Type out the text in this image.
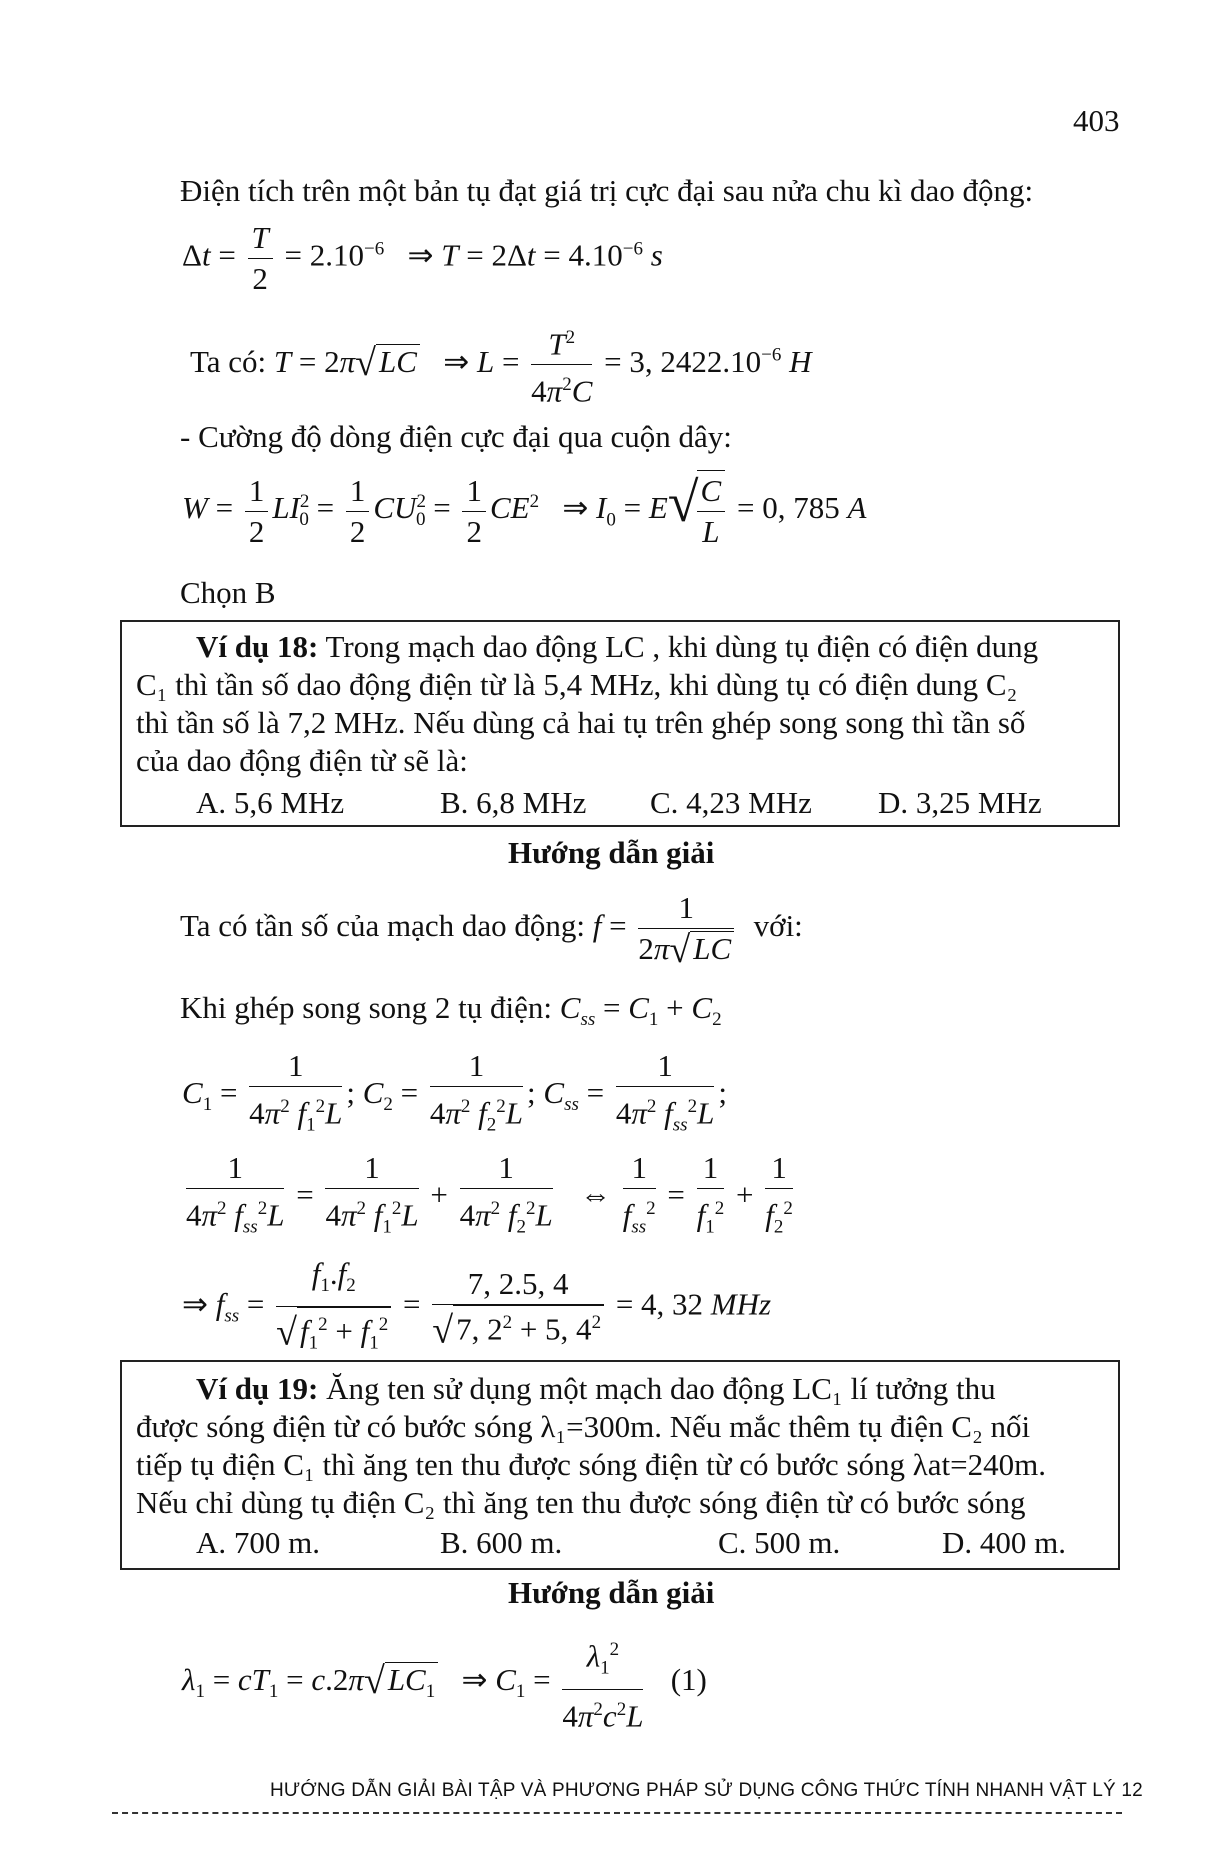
403
Điện tích trên một bản tụ đạt giá trị cực đại sau nửa chu kì dao động:
$\Delta t = \frac{T}{2} = 2.10^{-6}$   ⇒ $T = 2\Delta t = 4.10^{-6}$ s
Ta có: T = 2π√LC   ⇒ $L = \frac{T^2}{4\pi^2C} = 3$, $2422.10^{-6}$ H
- Cường độ dòng điện cực đại qua cuộn dây:
$W = \frac{1}{2} LI^2_0 = \frac{1}{2} CU^2_0 = \frac{1}{2} CE^2$   ⇒ $I_0 = E√$
$\frac{C}{L} = 0$, 785 A
Chọn B
Ví dụ 18: Trong mạch dao động LC , khi dùng tụ điện có điện dung
C₁ thì tần số dao động điện từ là 5,4 MHz, khi dùng tụ có điện dung C₂
thì tần số là 7,2 MHz. Nếu dùng cả hai tụ trên ghép song song thì tần số
của dao động điện từ sẽ là:
A. 5,6 MHz	B. 6,8 MHz C. 4,23 MHz D. 3,25 MHz
Hướng dẫn giải
Ta có tần số của mạch dao động: $f = \frac{1}{2\pi√LC}$ với:
Khi ghép song song 2 tụ điện: $C_{ss} = C_1 + C_2$
$C_1 = \frac{1}{4\pi^2 f_1^2L}$ ; $C_2 = \frac{1}{4\pi^2 f_2^2L}$ ; $C_{ss} = \frac{1}{4\pi^2 f_{ss}^2L}$ ;
$\frac{1}{4\pi^2 f_{ss}^2L} = \frac{1}{4\pi^2 f_1^2L} + \frac{1}{4\pi^2 f_2^2L}$ ⇔ $\frac{1}{f_{ss}^2} = \frac{1}{f_1^2} + \frac{1}{f_2^2}$
⇒ $f_{ss} = \frac{f_1.f_2}{√f_1^2 + f_1^2} = \frac{7, 2.5, 4}{√7, 2^2 + 5, 4^2} = 4$, 32 MHz
Ví dụ 19: Ăng ten sử dụng một mạch dao động LC₁ lí tưởng thu
được sóng điện từ có bước sóng λ₁=300m. Nếu mắc thêm tụ điện C₂ nối
tiếp tụ điện C₁ thì ăng ten thu được sóng điện từ có bước sóng λat=240m.
Nếu chỉ dùng tụ điện C₂ thì ăng ten thu được sóng điện từ có bước sóng
A. 700 m.	B. 600 m.	C. 500 m.	D. 400 m.
Hướng dẫn giải
$\lambda_1 = cT_1 = c.2\pi√LC_1$   ⇒ $C_1 = \frac{\lambda_1^2}{4\pi^2c^2L} (1)$
HƯỚNG DẪN GIẢI BÀI TẬP VÀ PHƯƠNG PHÁP SỬ DỤNG CÔNG THỨC TÍNH NHANH VẬT LÝ 12
